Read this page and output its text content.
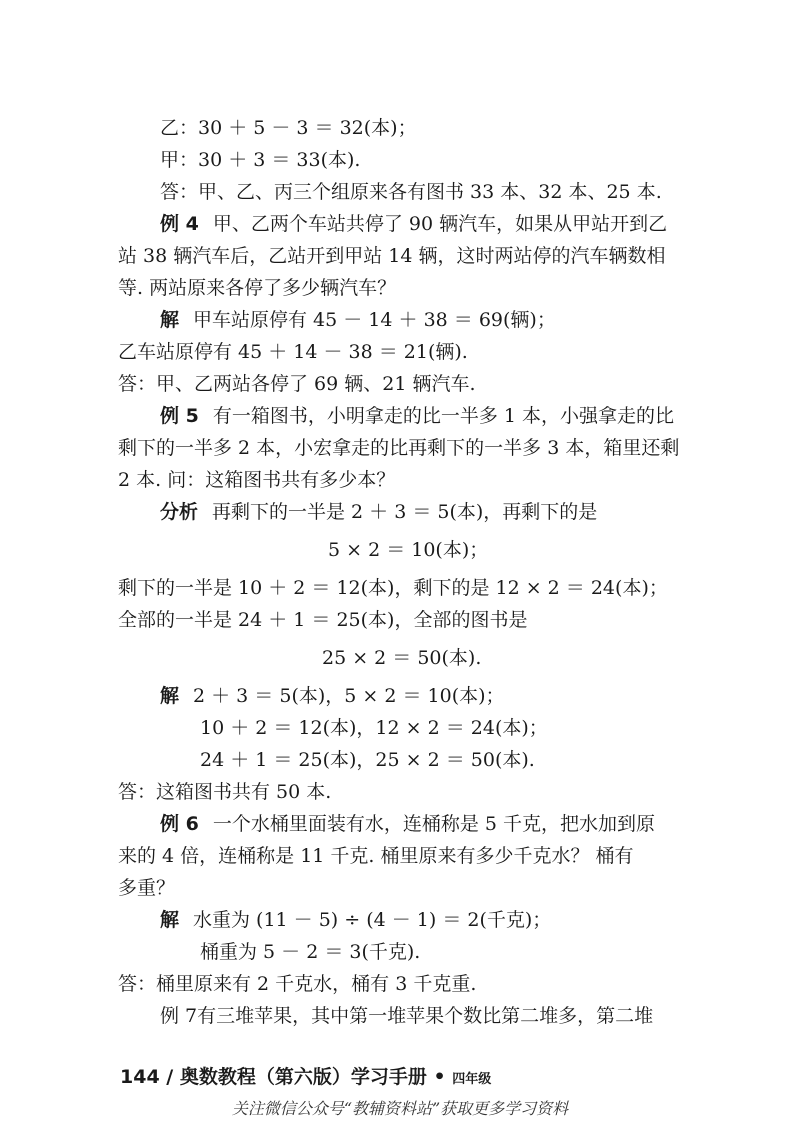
乙：30 ＋ 5 － 3 ＝ 32(本)；
甲：30 ＋ 3 ＝ 33(本).
答：甲、乙、丙三个组原来各有图书 33 本、32 本、25 本.
例 4 甲、乙两个车站共停了 90 辆汽车，如果从甲站开到乙
站 38 辆汽车后，乙站开到甲站 14 辆，这时两站停的汽车辆数相
等. 两站原来各停了多少辆汽车？
解 甲车站原停有 45 － 14 ＋ 38 ＝ 69(辆)；
乙车站原停有 45 ＋ 14 － 38 ＝ 21(辆).
答：甲、乙两站各停了 69 辆、21 辆汽车.
例 5 有一箱图书，小明拿走的比一半多 1 本，小强拿走的比
剩下的一半多 2 本，小宏拿走的比再剩下的一半多 3 本，箱里还剩
2 本. 问：这箱图书共有多少本？
分析 再剩下的一半是 2 ＋ 3 ＝ 5(本)，再剩下的是
5 × 2 ＝ 10(本)；
剩下的一半是 10 ＋ 2 ＝ 12(本)，剩下的是 12 × 2 ＝ 24(本)；
全部的一半是 24 ＋ 1 ＝ 25(本)，全部的图书是
25 × 2 ＝ 50(本).
解 2 ＋ 3 ＝ 5(本)，5 × 2 ＝ 10(本)；
10 ＋ 2 ＝ 12(本)，12 × 2 ＝ 24(本)；
24 ＋ 1 ＝ 25(本)，25 × 2 ＝ 50(本).
答：这箱图书共有 50 本.
例 6 一个水桶里面装有水，连桶称是 5 千克，把水加到原
来的 4 倍，连桶称是 11 千克. 桶里原来有多少千克水？ 桶有
多重？
解 水重为 (11 － 5) ÷ (4 － 1) ＝ 2(千克)；
桶重为 5 － 2 ＝ 3(千克).
答：桶里原来有 2 千克水，桶有 3 千克重.
例 7有三堆苹果，其中第一堆苹果个数比第二堆多，第二堆
144 / 奥数教程（第六版）学习手册 • 四年级
关注微信公众号“教辅资料站”获取更多学习资料
